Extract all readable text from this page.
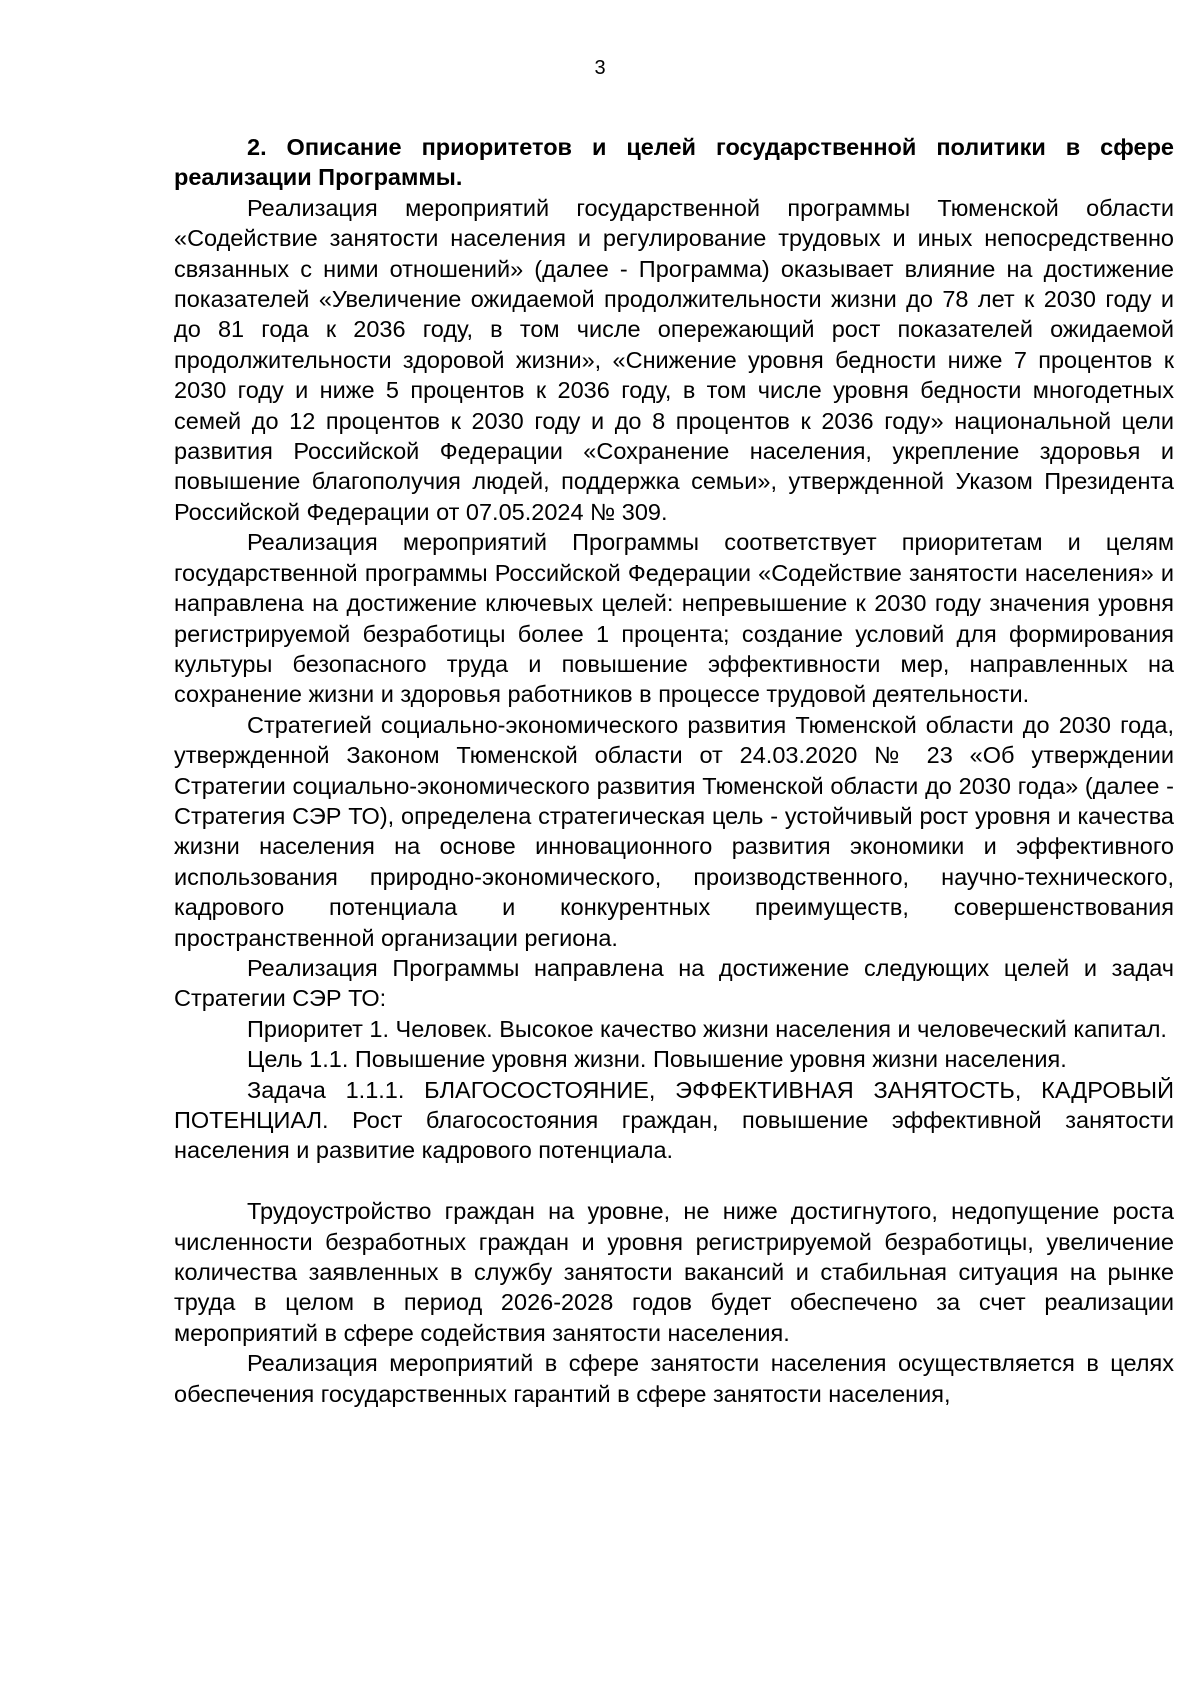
3

2. Описание приоритетов и целей государственной политики в сфере реализации Программы.

Реализация мероприятий государственной программы Тюменской области «Содействие занятости населения и регулирование трудовых и иных непосредственно связанных с ними отношений» (далее - Программа) оказывает влияние на достижение показателей «Увеличение ожидаемой продолжительности жизни до 78 лет к 2030 году и до 81 года к 2036 году, в том числе опережающий рост показателей ожидаемой продолжительности здоровой жизни», «Снижение уровня бедности ниже 7 процентов к 2030 году и ниже 5 процентов к 2036 году, в том числе уровня бедности многодетных семей до 12 процентов к 2030 году и до 8 процентов к 2036 году» национальной цели развития Российской Федерации «Сохранение населения, укрепление здоровья и повышение благополучия людей, поддержка семьи», утвержденной Указом Президента Российской Федерации от 07.05.2024 № 309.

Реализация мероприятий Программы соответствует приоритетам и целям государственной программы Российской Федерации «Содействие занятости населения» и направлена на достижение ключевых целей: непревышение к 2030 году значения уровня регистрируемой безработицы более 1 процента; создание условий для формирования культуры безопасного труда и повышение эффективности мер, направленных на сохранение жизни и здоровья работников в процессе трудовой деятельности.

Стратегией социально-экономического развития Тюменской области до 2030 года, утвержденной Законом Тюменской области от 24.03.2020 № 23 «Об утверждении Стратегии социально-экономического развития Тюменской области до 2030 года» (далее - Стратегия СЭР ТО), определена стратегическая цель - устойчивый рост уровня и качества жизни населения на основе инновационного развития экономики и эффективного использования природно-экономического, производственного, научно-технического, кадрового потенциала и конкурентных преимуществ, совершенствования пространственной организации региона.

Реализация Программы направлена на достижение следующих целей и задач Стратегии СЭР ТО:

Приоритет 1. Человек. Высокое качество жизни населения и человеческий капитал.

Цель 1.1. Повышение уровня жизни. Повышение уровня жизни населения.

Задача 1.1.1. БЛАГОСОСТОЯНИЕ, ЭФФЕКТИВНАЯ ЗАНЯТОСТЬ, КАДРОВЫЙ ПОТЕНЦИАЛ. Рост благосостояния граждан, повышение эффективной занятости населения и развитие кадрового потенциала.

Трудоустройство граждан на уровне, не ниже достигнутого, недопущение роста численности безработных граждан и уровня регистрируемой безработицы, увеличение количества заявленных в службу занятости вакансий и стабильная ситуация на рынке труда в целом в период 2026-2028 годов будет обеспечено за счет реализации мероприятий в сфере содействия занятости населения.

Реализация мероприятий в сфере занятости населения осуществляется в целях обеспечения государственных гарантий в сфере занятости населения,
